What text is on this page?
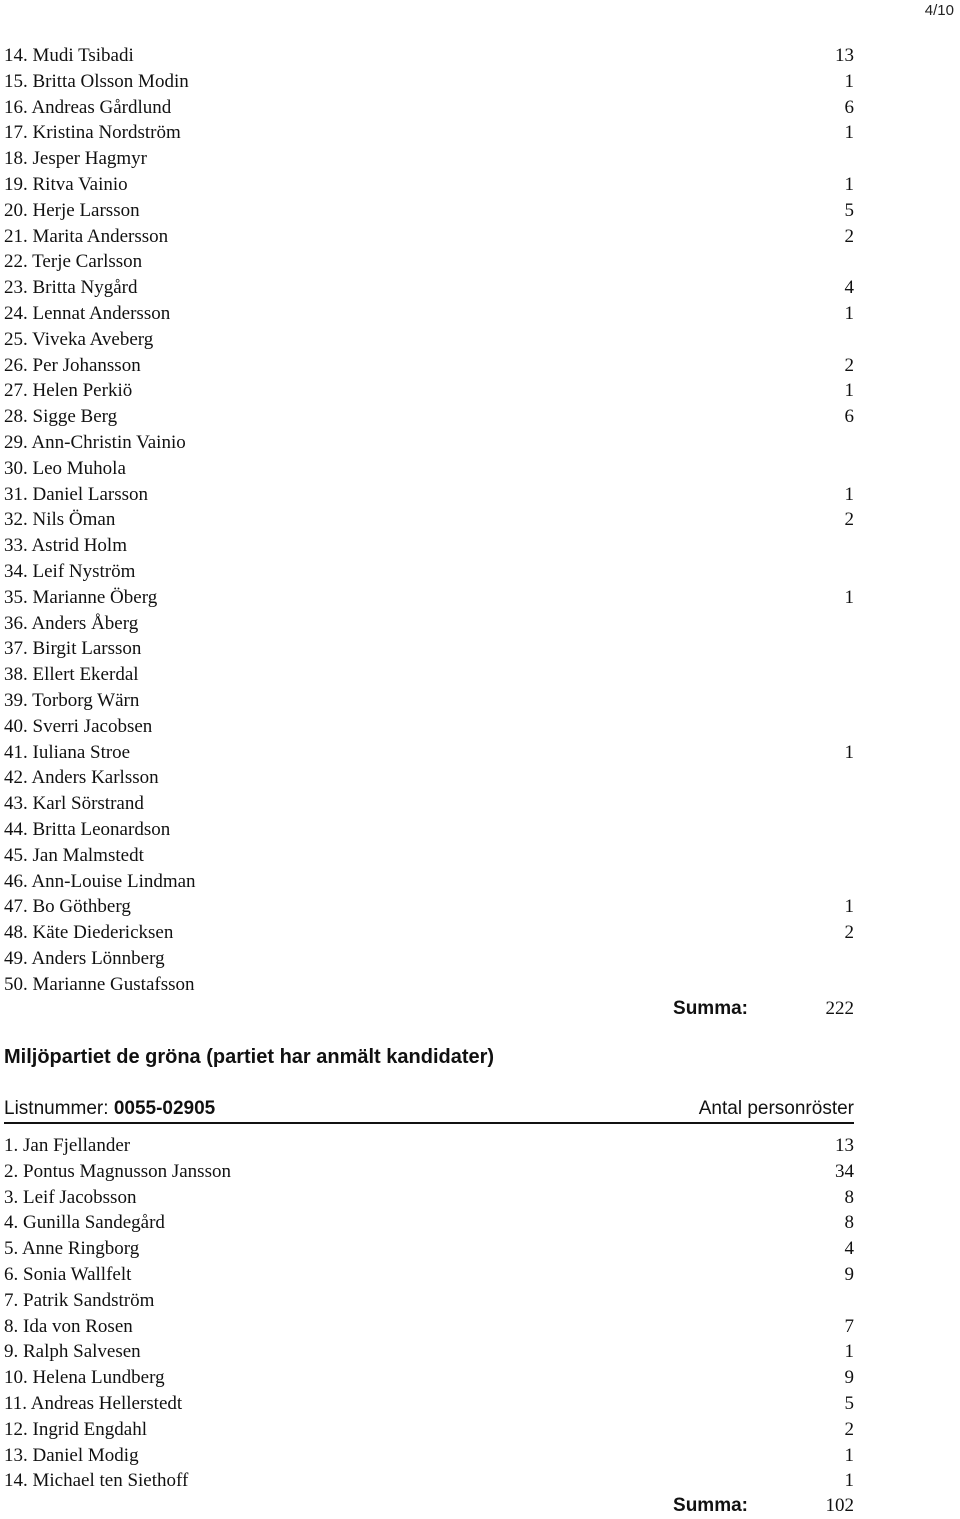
4/10
14. Mudi Tsibadi	13
15. Britta Olsson Modin	1
16. Andreas Gårdlund	6
17. Kristina Nordström	1
18. Jesper Hagmyr
19. Ritva Vainio	1
20. Herje Larsson	5
21. Marita Andersson	2
22. Terje Carlsson
23. Britta Nygård	4
24. Lennat Andersson	1
25. Viveka Aveberg
26. Per Johansson	2
27. Helen Perkiö	1
28. Sigge Berg	6
29. Ann-Christin Vainio
30. Leo Muhola
31. Daniel Larsson	1
32. Nils Öman	2
33. Astrid Holm
34. Leif Nyström
35. Marianne Öberg	1
36. Anders Åberg
37. Birgit Larsson
38. Ellert Ekerdal
39. Torborg Wärn
40. Sverri Jacobsen
41. Iuliana Stroe	1
42. Anders Karlsson
43. Karl Sörstrand
44. Britta Leonardson
45. Jan Malmstedt
46. Ann-Louise Lindman
47. Bo Göthberg	1
48. Käte Diedericksen	2
49. Anders Lönnberg
50. Marianne Gustafsson
Summa:	222
Miljöpartiet de gröna (partiet har anmält kandidater)
Listnummer: 0055-02905	Antal personröster
1. Jan Fjellander	13
2. Pontus Magnusson Jansson	34
3. Leif Jacobsson	8
4. Gunilla Sandegård	8
5. Anne Ringborg	4
6. Sonia Wallfelt	9
7. Patrik Sandström
8. Ida von Rosen	7
9. Ralph Salvesen	1
10. Helena Lundberg	9
11. Andreas Hellerstedt	5
12. Ingrid Engdahl	2
13. Daniel Modig	1
14. Michael ten Siethoff	1
Summa:	102
